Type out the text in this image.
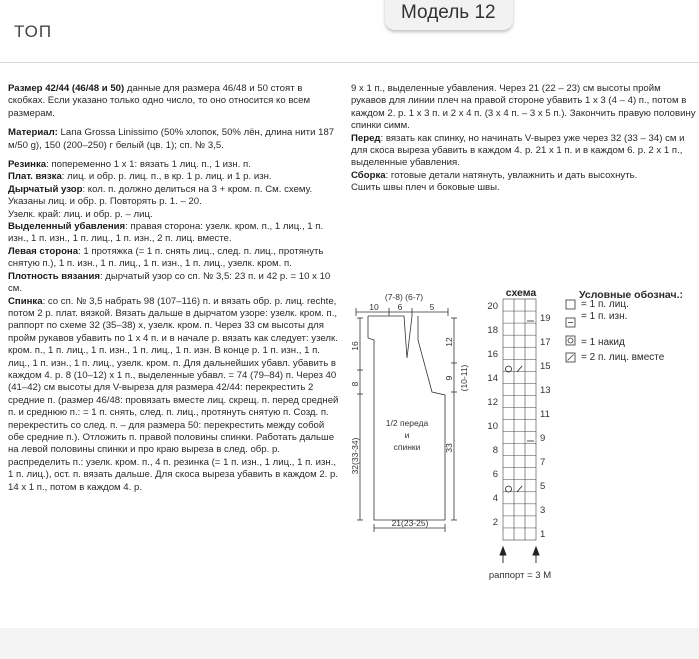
Модель 12
ТОП

Размер 42/44 (46/48 и 50) данные для размера 46/48 и 50 стоят в скобках. Если указано только одно число, то оно относится ко всем размерам.

Материал: Lana Grossa Linissimo (50% хлопок, 50% лён, длина нити 187 м/50 g), 150 (200–250) г белый (цв. 1); сп. № 3,5.

Резинка: попеременно 1 х 1: вязать 1 лиц. п., 1 изн. п.

Плат. вязка: лиц. и обр. р. лиц. п., в кр. 1 р. лиц. и 1 р. изн.

Дырчатый узор: кол. п. должно делиться на 3 + кром. п. См. схему. Указаны лиц. и обр. р. Повторять р. 1. – 20.

Узелк. край: лиц. и обр. р. – лиц.

Выделенный убавления: правая сторона: узелк. кром. п., 1 лиц., 1 п. изн., 1 п. изн., 1 п. лиц., 1 п. изн., 2 п. лиц. вместе.

Левая сторона: 1 протяжка (= 1 п. снять лиц., след. п. лиц., протянуть снятую п.), 1 п. изн., 1 п. лиц., 1 п. изн., 1 п. лиц., узелк. кром. п.

Плотность вязания: дырчатый узор со сп. № 3,5: 23 п. и 42 р. = 10 x 10 см.

Спинка: со сп. № 3,5 набрать 98 (107–116) п. и вязать обр. р. лиц. rechte, потом 2 р. плат. вязкой. Вязать дальше в дырчатом узоре: узелк. кром. п., раппорт по схеме 32 (35–38) х, узелк. кром. п. Через 33 см высоты для пройм рукавов убавить по 1 х 4 п. и в начале р. вязать как следует: узелк. кром. п., 1 п. лиц., 1 п. изн., 1 п. лиц., 1 п. изн. В конце р. 1 п. изн., 1 п. лиц., 1 п. изн., 1 п. лиц., узелк. кром. п. Для дальнейших убавл. убавить в каждом 4. р. 8 (10–12) х 1 п., выделенные убавл. = 74 (79–84) п. Через 40 (41–42) см высоты для V-выреза для размера 42/44: перекрестить 2 средние п. (размер 46/48: провязать вместе лиц. скрещ. п. перед средней п. и среднюю п.: = 1 п. снять, след. п. лиц., протянуть снятую п. Созд. п. перекрестить со след. п. – для размера 50: перекрестить между собой обе средние п.). Отложить п. правой половины спинки. Работать дальше на левой половины спинки и про краю выреза в след. обр. р. распределить п.: узелк. кром. п., 4 п. резинка (= 1 п. изн., 1 лиц., 1 п. изн., 1 п. лиц.), ост. п. вязать дальше. Для скоса выреза убавить в каждом 2. р. 14 х 1 п., потом в каждом 4. р.

9 х 1 п., выделенные убавления. Через 21 (22 – 23) см высоты пройм рукавов для линии плеч на правой стороне убавить 1 х 3 (4 – 4) п., потом в каждом 2. р. 1 х 3 п. и 2 х 4 п. (3 х 4 п. – 3 х 5 п.). Закончить правую половину спинки симм.

Перед: вязать как спинку, но начинать V-вырез уже через 32 (33 – 34) см и для скоса выреза убавить в каждом 4. р. 21 х 1 п. и в каждом 6. р. 2 х 1 п., выделенные убавления.

Сборка: готовые детали натянуть, увлажнить и дать высохнуть.

Сшить швы плеч и боковые швы.

(7-8) (6-7)
10 6	5
16
8
32(33-34)
12
9 (10-11)
33
21(23-25)
1/2 переда
и
спинки
схема
20
18
16
14
12
10
8
6
4
2
19
17
15
13
11
9
7
5
3
1
раппорт = 3 М
Условные обознач.:
= 1 п. лиц.
= 1 п. изн.
= 1 накид
= 2 п. лиц. вместе
